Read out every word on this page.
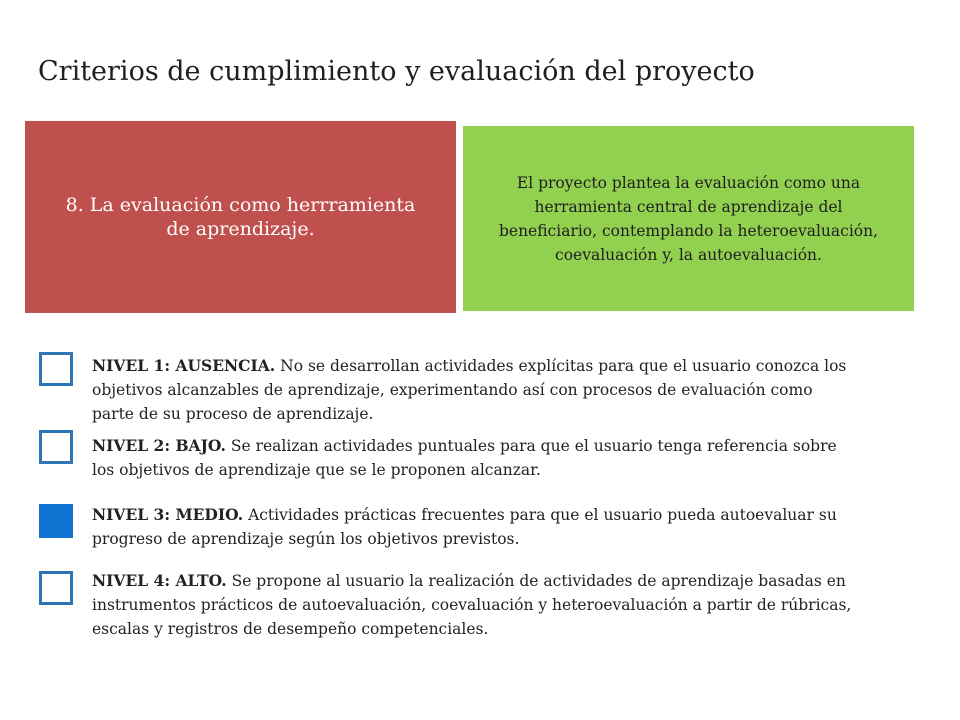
Criterios de cumplimiento y evaluación del proyecto
8. La evaluación como herrramienta de aprendizaje.
El proyecto plantea la evaluación como una herramienta central de aprendizaje del beneficiario, contemplando la heteroevaluación, coevaluación y, la autoevaluación.
NIVEL 1: AUSENCIA. No se desarrollan actividades explícitas para que el usuario conozca los objetivos alcanzables de aprendizaje, experimentando así con procesos de evaluación como parte de su proceso de aprendizaje.
NIVEL 2: BAJO. Se realizan actividades puntuales para que el usuario tenga referencia sobre los objetivos de aprendizaje que se le proponen alcanzar.
NIVEL 3: MEDIO. Actividades prácticas frecuentes para que el usuario pueda autoevaluar su progreso de aprendizaje según los objetivos previstos.
NIVEL 4: ALTO. Se propone al usuario la realización de actividades de aprendizaje basadas en instrumentos prácticos de autoevaluación, coevaluación y heteroevaluación a partir de rúbricas, escalas y registros de desempeño competenciales.
